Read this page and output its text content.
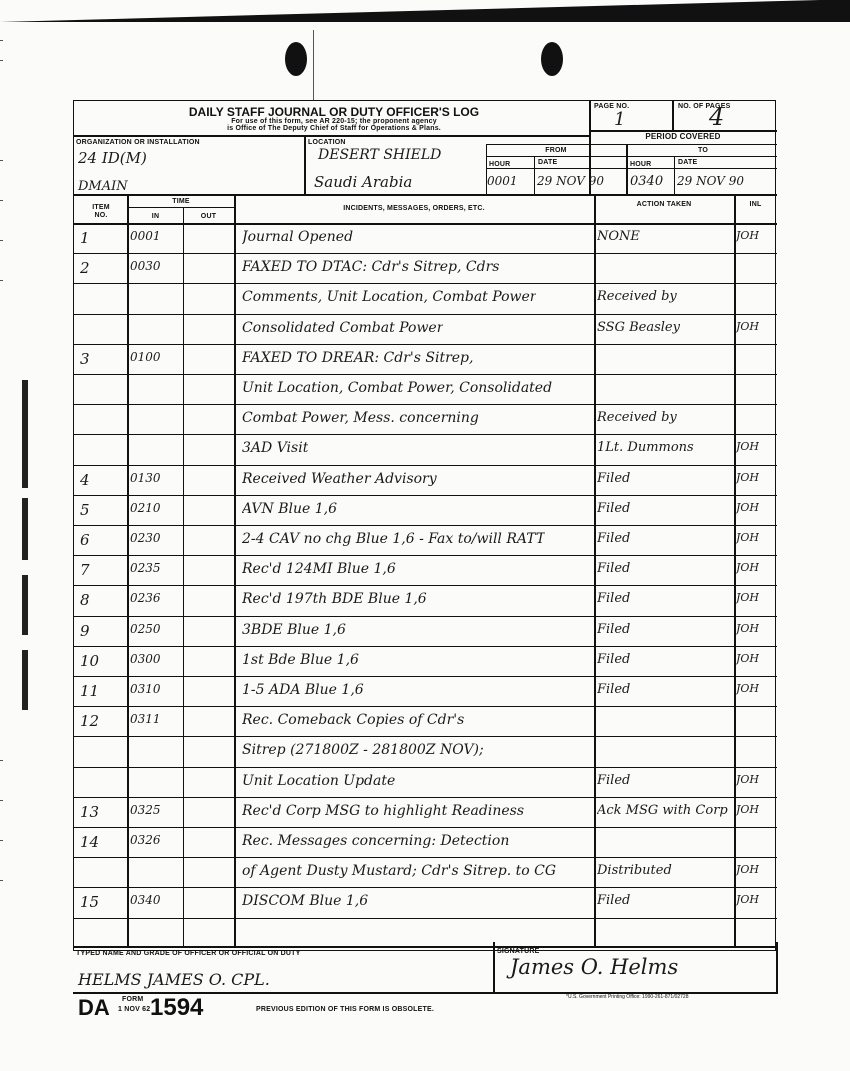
DAILY STAFF JOURNAL OR DUTY OFFICER'S LOG
For use of this form, see AR 220-15; the proponent agency
is Office of The Deputy Chief of Staff for Operations & Plans.
PAGE NO.
1
NO. OF PAGES
4
PERIOD COVERED
FROM	TO
HOUR	DATE	HOUR	DATE
0001 29 NOV 90 0340 29 NOV 90
ORGANIZATION OR INSTALLATION
24 ID(M)
DMAIN
LOCATION
DESERT SHIELD
Saudi Arabia
ITEM
NO.
TIME
IN	OUT
INCIDENTS, MESSAGES, ORDERS, ETC.
ACTION TAKEN	INL
1	0001	Journal Opened	NONE	JOH
2	0030	FAXED TO DTAC: Cdr's Sitrep, Cdrs
Comments, Unit Location, Combat Power	Received by
Consolidated Combat Power	SSG Beasley	JOH
3	0100	FAXED TO DREAR: Cdr's Sitrep,
Unit Location, Combat Power, Consolidated
Combat Power, Mess. concerning	Received by
3AD Visit	1Lt. Dummons	JOH
4	0130	Received Weather Advisory	Filed	JOH
5	0210	AVN Blue 1,6	Filed	JOH
6	0230	2-4 CAV no chg Blue 1,6 - Fax to/will RATT	Filed	JOH
7	0235	Rec'd 124MI Blue 1,6	Filed	JOH
8	0236	Rec'd 197th BDE Blue 1,6	Filed	JOH
9	0250	3BDE Blue 1,6	Filed	JOH
10	0300	1st Bde Blue 1,6	Filed	JOH
11	0310	1-5 ADA Blue 1,6	Filed	JOH
12	0311	Rec. Comeback Copies of Cdr's
Sitrep (271800Z - 281800Z NOV);
Unit Location Update	Filed	JOH
13	0325	Rec'd Corp MSG to highlight Readiness	Ack MSG with Corp JOH
14	0326	Rec. Messages concerning: Detection
of Agent Dusty Mustard; Cdr's Sitrep. to CG	Distributed	JOH
15	0340	DISCOM Blue 1,6	Filed	JOH
TYPED NAME AND GRADE OF OFFICER OR OFFICIAL ON DUTY
HELMS JAMES O. CPL.
SIGNATURE
James O. Helms
DA FORM
1 NOV 62 1594	PREVIOUS EDITION OF THIS FORM IS OBSOLETE.
*U.S. Government Printing Office: 1990-261-871/02728
